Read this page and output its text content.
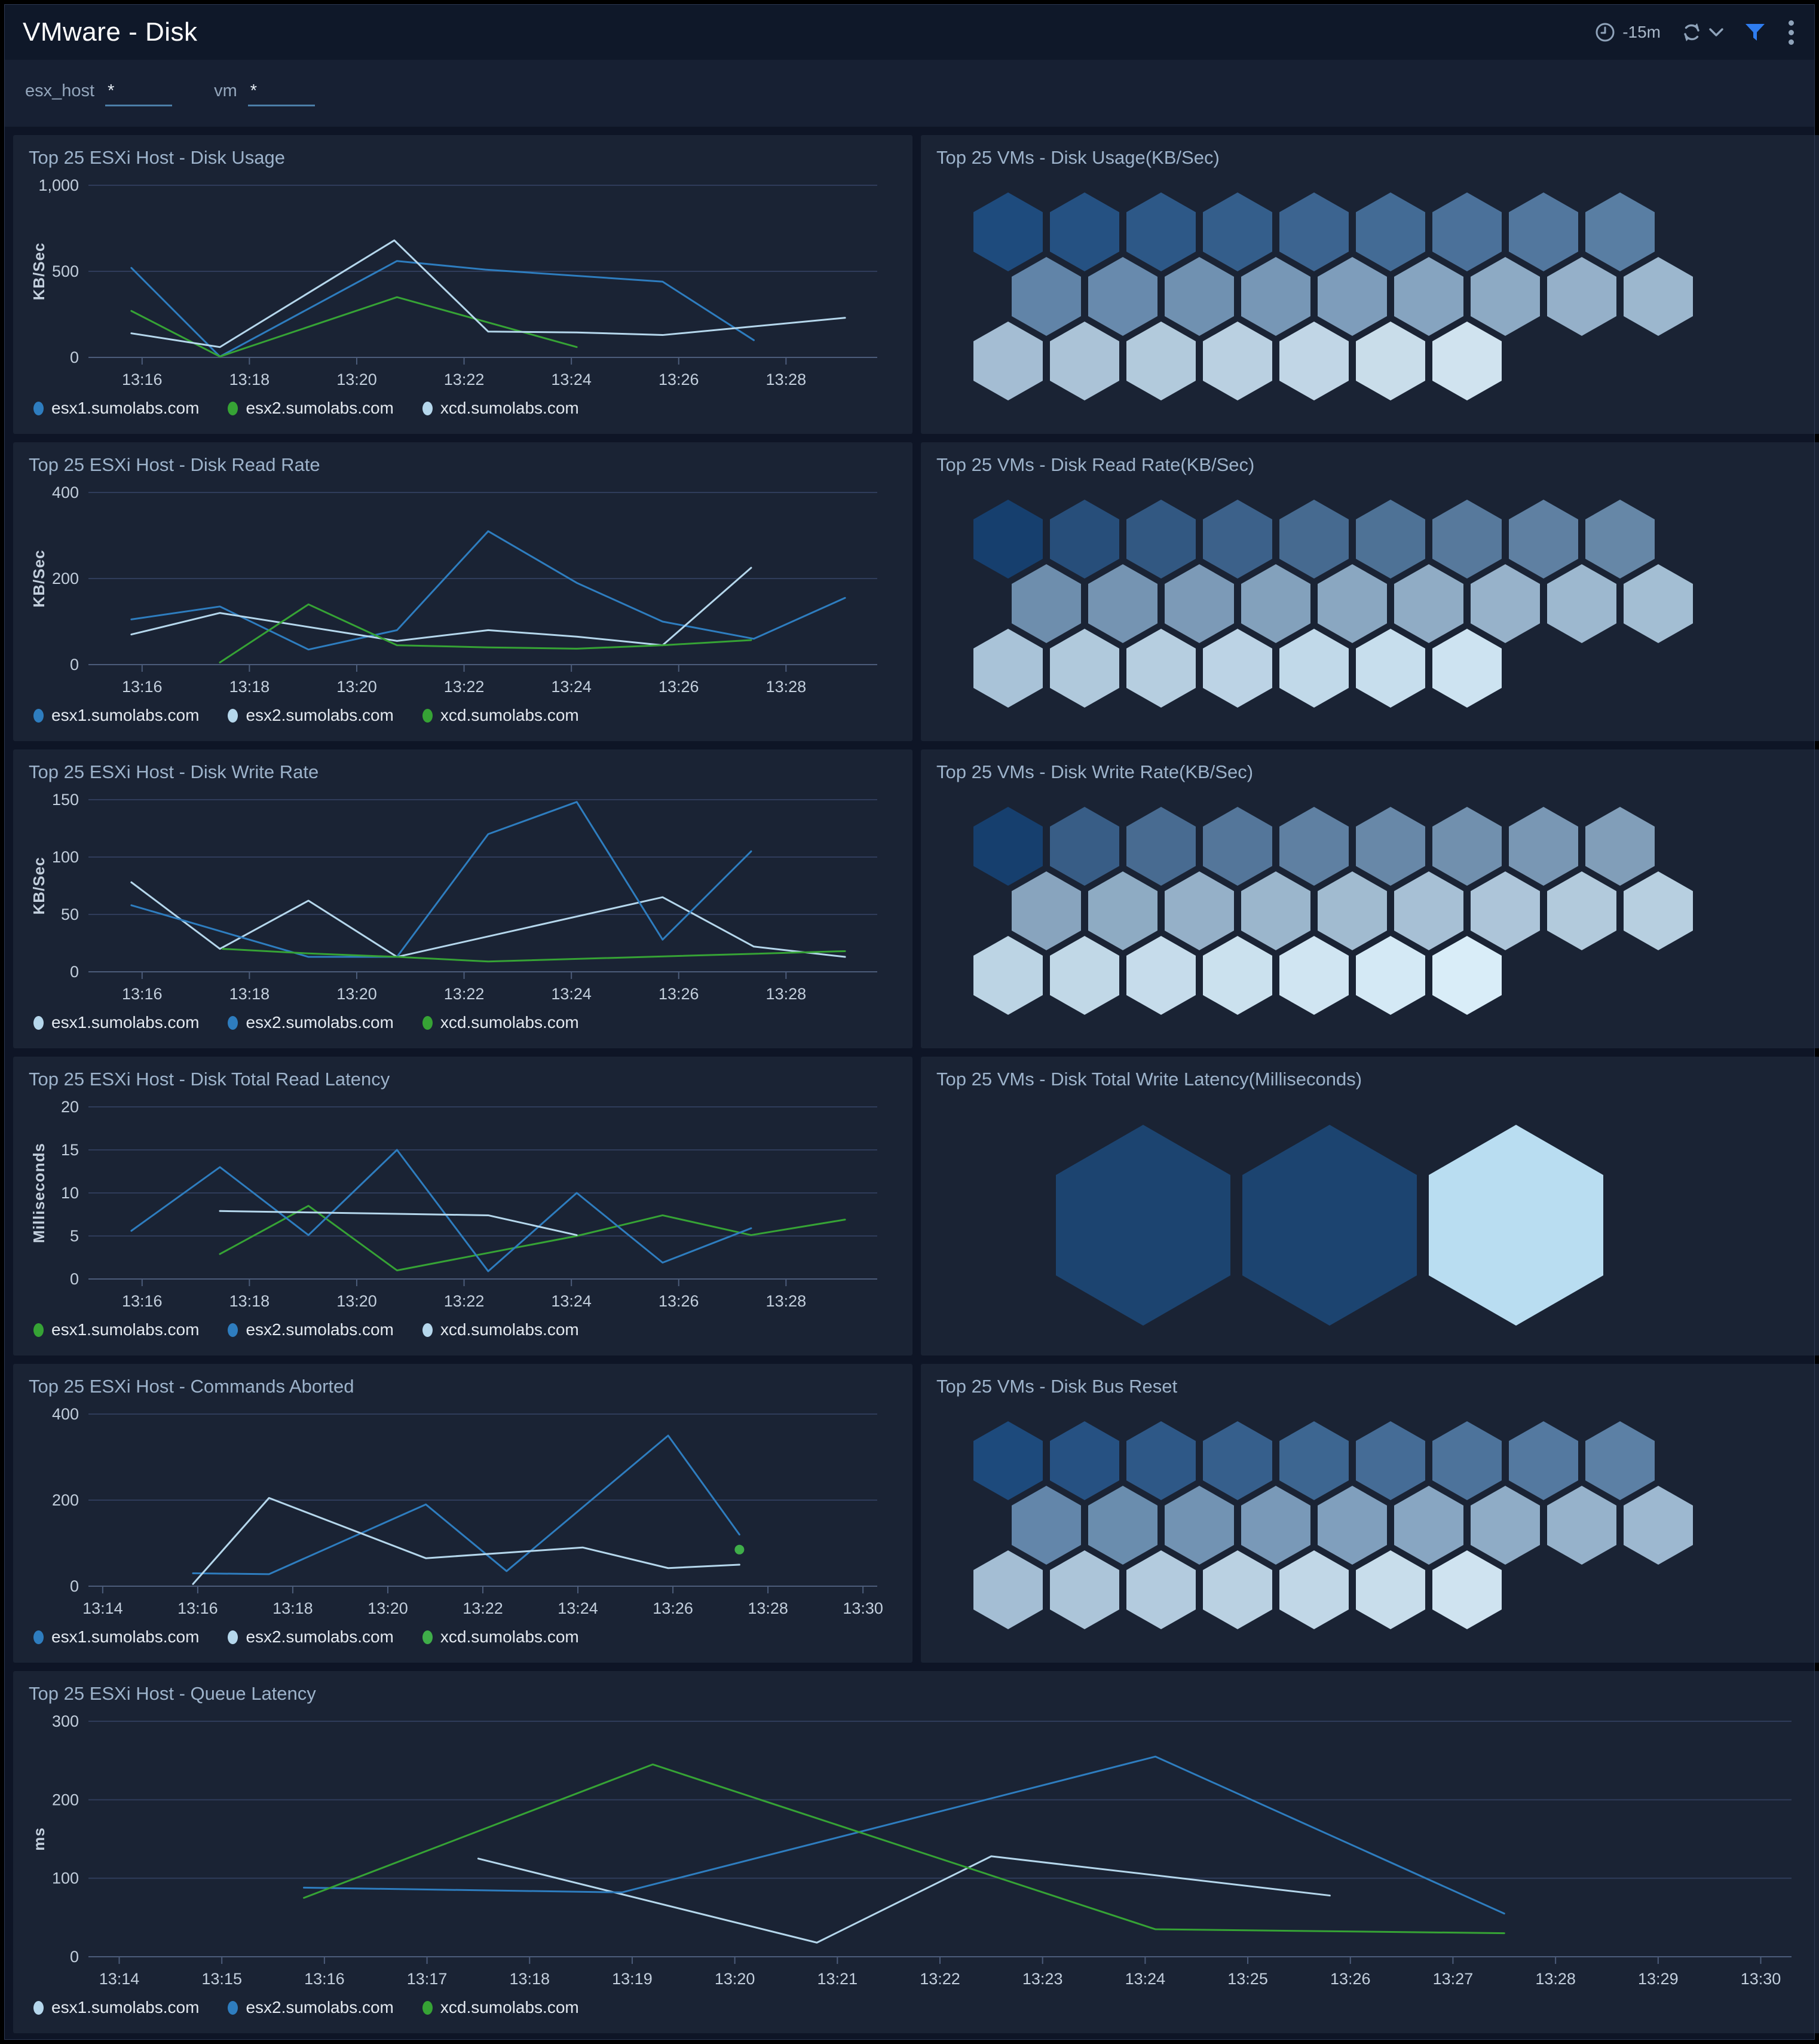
VMware - Disk	-15m
esx_host
*	vm
*
Top 25 ESXi Host - Disk Usage
0
500
1,000
13:16	13:18	13:20	13:22	13:24	13:26	13:28
KB/Sec
esx1.sumolabs.com	esx2.sumolabs.com	xcd.sumolabs.com
Top 25 VMs - Disk Usage(KB/Sec)
Top 25 ESXi Host - Disk Read Rate
0
200
400
13:16	13:18	13:20	13:22	13:24	13:26	13:28
KB/Sec
esx1.sumolabs.com	esx2.sumolabs.com	xcd.sumolabs.com
Top 25 VMs - Disk Read Rate(KB/Sec)
Top 25 ESXi Host - Disk Write Rate
0
50
100
150
13:16	13:18	13:20	13:22	13:24	13:26	13:28
KB/Sec
esx1.sumolabs.com	esx2.sumolabs.com	xcd.sumolabs.com
Top 25 VMs - Disk Write Rate(KB/Sec)
Top 25 ESXi Host - Disk Total Read Latency
0
5
10
15
20
13:16	13:18	13:20	13:22	13:24	13:26	13:28
Milliseconds
esx1.sumolabs.com	esx2.sumolabs.com	xcd.sumolabs.com
Top 25 VMs - Disk Total Write Latency(Milliseconds)
Top 25 ESXi Host - Commands Aborted
0
200
400
13:14	13:16	13:18	13:20	13:22	13:24	13:26	13:28	13:30
esx1.sumolabs.com	esx2.sumolabs.com	xcd.sumolabs.com
Top 25 VMs - Disk Bus Reset
Top 25 ESXi Host - Queue Latency
0
100
200
300
13:14	13:15	13:16	13:17	13:18	13:19	13:20	13:21	13:22	13:23	13:24	13:25	13:26	13:27	13:28	13:29	13:30
ms
esx1.sumolabs.com	esx2.sumolabs.com	xcd.sumolabs.com
